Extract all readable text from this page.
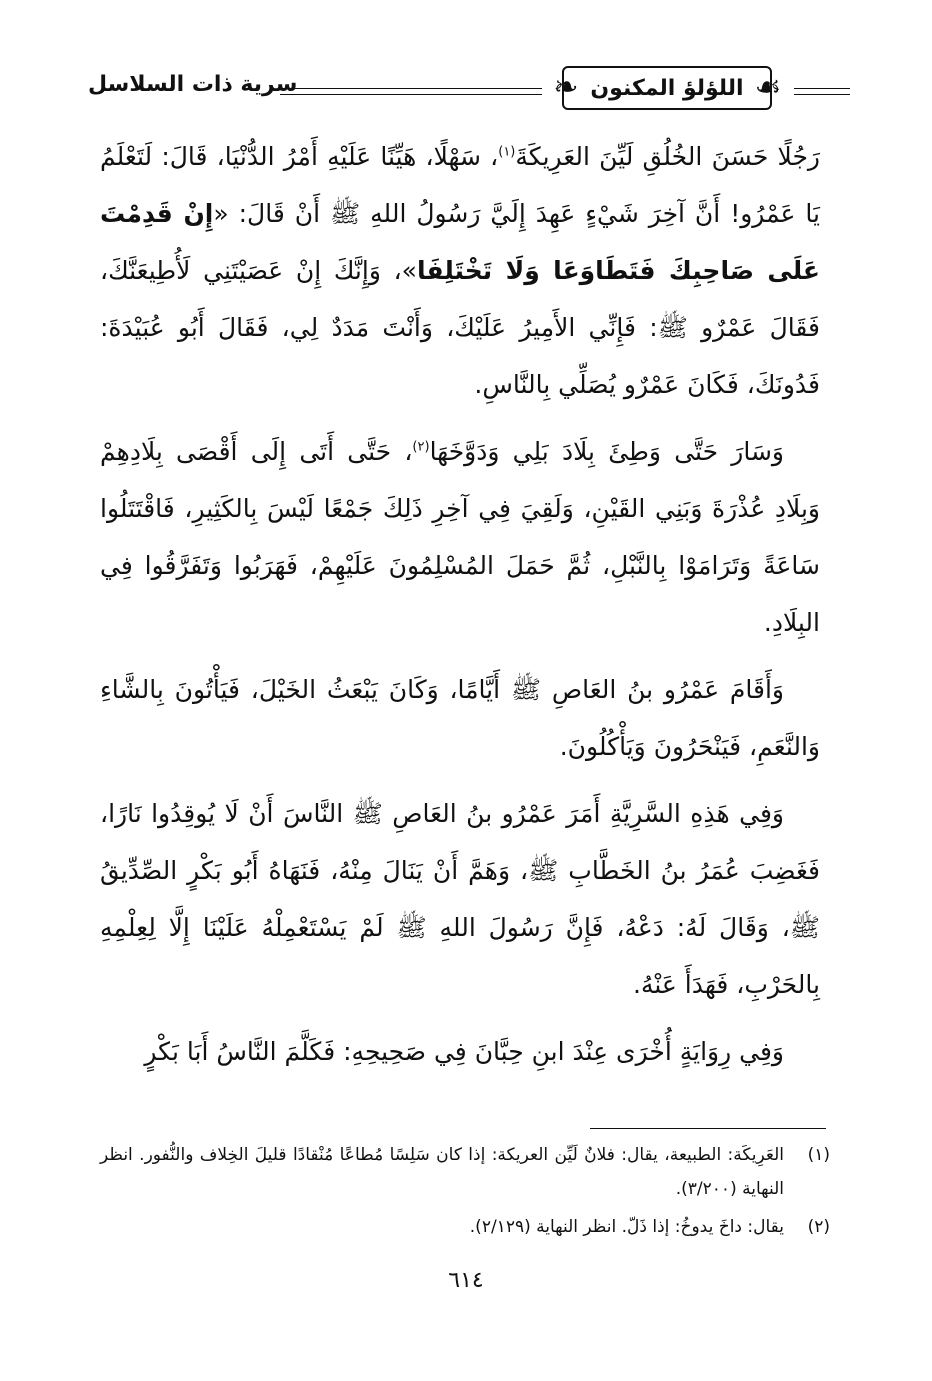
☙
اللؤلؤ المكنون
❧
سرية ذات السلاسل

رَجُلًا حَسَنَ الخُلُقِ لَيِّنَ العَرِيكَةَ$^{(١)}$، سَهْلًا، هَيِّنًا عَلَيْهِ أَمْرُ الدُّنْيَا، قَالَ: لَتَعْلَمُ يَا عَمْرُو! أَنَّ آخِرَ شَيْءٍ عَهِدَ إِلَيَّ رَسُولُ اللهِ ﷺ أَنْ قَالَ: «إِنْ قَدِمْتَ عَلَى صَاحِبِكَ فَتَطَاوَعَا وَلَا تَخْتَلِفَا»، وَإِنَّكَ إِنْ عَصَيْتَنِي لَأُطِيعَنَّكَ، فَقَالَ عَمْرٌو ﷺ: فَإِنِّي الأَمِيرُ عَلَيْكَ، وَأَنْتَ مَدَدٌ لِي، فَقَالَ أَبُو عُبَيْدَةَ: فَدُونَكَ، فَكَانَ عَمْرٌو يُصَلِّي بِالنَّاسِ.

وَسَارَ حَتَّى وَطِئَ بِلَادَ بَلِي وَدَوَّخَهَا$^{(٢)}$، حَتَّى أَتَى إِلَى أَقْصَى بِلَادِهِمْ وَبِلَادِ عُذْرَةَ وَبَنِي القَيْنِ، وَلَقِيَ فِي آخِرِ ذَلِكَ جَمْعًا لَيْسَ بِالكَثِيرِ، فَاقْتَتَلُوا سَاعَةً وَتَرَامَوْا بِالنَّبْلِ، ثُمَّ حَمَلَ المُسْلِمُونَ عَلَيْهِمْ، فَهَرَبُوا وَتَفَرَّقُوا فِي البِلَادِ.

وَأَقَامَ عَمْرُو بنُ العَاصِ ﷺ أَيَّامًا، وَكَانَ يَبْعَثُ الخَيْلَ، فَيَأْتُونَ بِالشَّاءِ وَالنَّعَمِ، فَيَنْحَرُونَ وَيَأْكُلُونَ.

وَفِي هَذِهِ السَّرِيَّةِ أَمَرَ عَمْرُو بنُ العَاصِ ﷺ النَّاسَ أَنْ لَا يُوقِدُوا نَارًا، فَغَضِبَ عُمَرُ بنُ الخَطَّابِ ﷺ، وَهَمَّ أَنْ يَنَالَ مِنْهُ، فَنَهَاهُ أَبُو بَكْرٍ الصِّدِّيقُ ﷺ، وَقَالَ لَهُ: دَعْهُ، فَإِنَّ رَسُولَ اللهِ ﷺ لَمْ يَسْتَعْمِلْهُ عَلَيْنَا إِلَّا لِعِلْمِهِ بِالحَرْبِ، فَهَدَأَ عَنْهُ.

وَفِي رِوَايَةٍ أُخْرَى عِنْدَ ابنِ حِبَّانَ فِي صَحِيحِهِ: فَكَلَّمَ النَّاسُ أَبَا بَكْرٍ

(١)
العَرِيكَة: الطبيعة، يقال: فلانٌ لَيِّن العريكة: إذا كان سَلِسًا مُطاعًا مُنْقادًا قليلَ الخِلاف والنُّفور. انظر النهاية (٣/٢٠٠).
(٢)
يقال: داخَ يدوخُ: إذا ذَلّ. انظر النهاية (٢/١٢٩).
٦١٤
